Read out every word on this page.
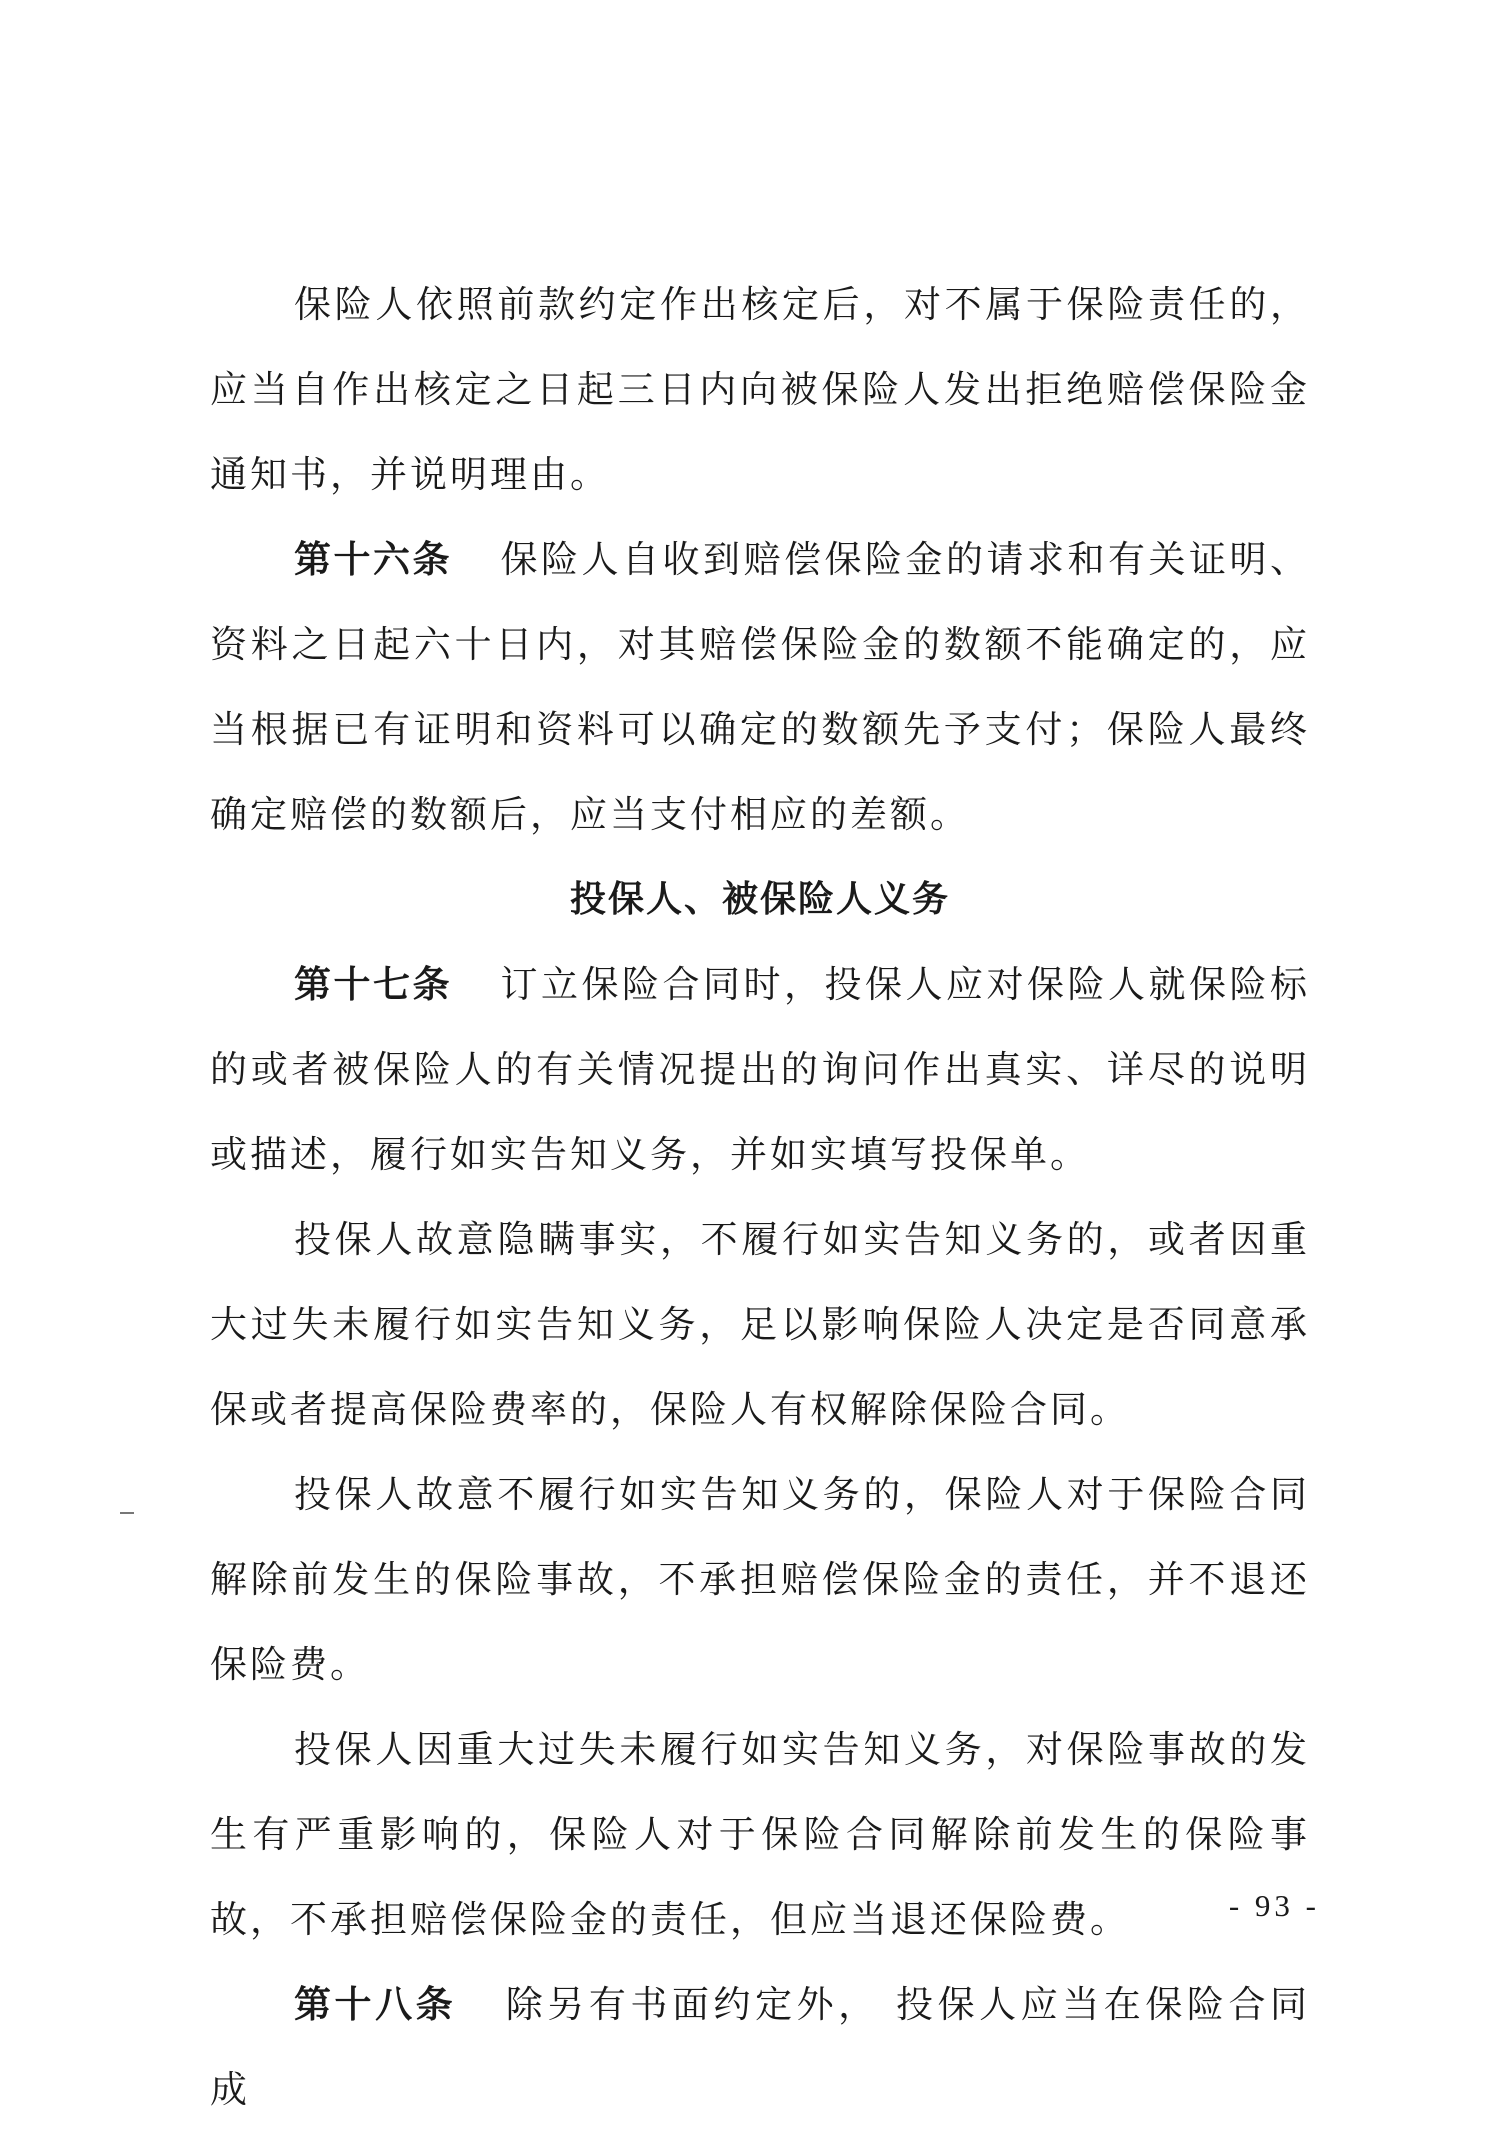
保险人依照前款约定作出核定后，对不属于保险责任的，应当自作出核定之日起三日内向被保险人发出拒绝赔偿保险金通知书，并说明理由。

第十六条 保险人自收到赔偿保险金的请求和有关证明、资料之日起六十日内，对其赔偿保险金的数额不能确定的，应当根据已有证明和资料可以确定的数额先予支付；保险人最终确定赔偿的数额后，应当支付相应的差额。

投保人、被保险人义务

第十七条 订立保险合同时，投保人应对保险人就保险标的或者被保险人的有关情况提出的询问作出真实、详尽的说明或描述，履行如实告知义务，并如实填写投保单。

投保人故意隐瞒事实，不履行如实告知义务的，或者因重大过失未履行如实告知义务，足以影响保险人决定是否同意承保或者提高保险费率的，保险人有权解除保险合同。

投保人故意不履行如实告知义务的，保险人对于保险合同解除前发生的保险事故，不承担赔偿保险金的责任，并不退还保险费。

投保人因重大过失未履行如实告知义务，对保险事故的发生有严重影响的，保险人对于保险合同解除前发生的保险事故，不承担赔偿保险金的责任，但应当退还保险费。

第十八条 除另有书面约定外， 投保人应当在保险合同成

- 93 -
